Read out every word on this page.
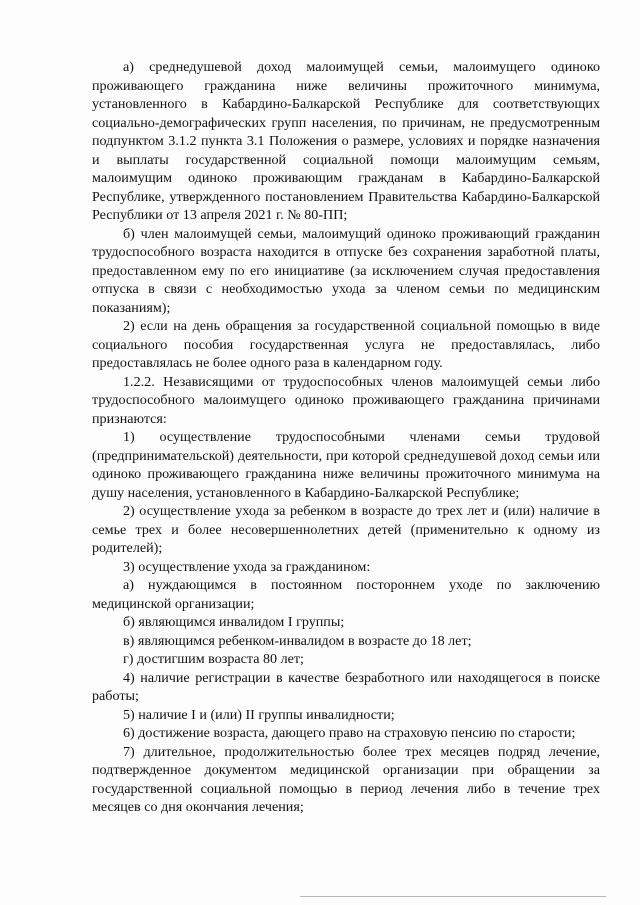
а) среднедушевой доход малоимущей семьи, малоимущего одиноко проживающего гражданина ниже величины прожиточного минимума, установленного в Кабардино-Балкарской Республике для соответствующих социально-демографических групп населения, по причинам, не предусмотренным подпунктом 3.1.2 пункта 3.1 Положения о размере, условиях и порядке назначения и выплаты государственной социальной помощи малоимущим семьям, малоимущим одиноко проживающим гражданам в Кабардино-Балкарской Республике, утвержденного постановлением Правительства Кабардино-Балкарской Республики от 13 апреля 2021 г. № 80-ПП;

б) член малоимущей семьи, малоимущий одиноко проживающий гражданин трудоспособного возраста находится в отпуске без сохранения заработной платы, предоставленном ему по его инициативе (за исключением случая предоставления отпуска в связи с необходимостью ухода за членом семьи по медицинским показаниям);

2) если на день обращения за государственной социальной помощью в виде социального пособия государственная услуга не предоставлялась, либо предоставлялась не более одного раза в календарном году.

1.2.2. Независящими от трудоспособных членов малоимущей семьи либо трудоспособного малоимущего одиноко проживающего гражданина причинами признаются:

1) осуществление трудоспособными членами семьи трудовой (предпринимательской) деятельности, при которой среднедушевой доход семьи или одиноко проживающего гражданина ниже величины прожиточного минимума на душу населения, установленного в Кабардино-Балкарской Республике;

2) осуществление ухода за ребенком в возрасте до трех лет и (или) наличие в семье трех и более несовершеннолетних детей (применительно к одному из родителей);

3) осуществление ухода за гражданином:

а) нуждающимся в постоянном постороннем уходе по заключению медицинской организации;

б) являющимся инвалидом I группы;

в) являющимся ребенком-инвалидом в возрасте до 18 лет;

г) достигшим возраста 80 лет;

4) наличие регистрации в качестве безработного или находящегося в поиске работы;

5) наличие I и (или) II группы инвалидности;

6) достижение возраста, дающего право на страховую пенсию по старости;

7) длительное, продолжительностью более трех месяцев подряд лечение, подтвержденное документом медицинской организации при обращении за государственной социальной помощью в период лечения либо в течение трех месяцев со дня окончания лечения;
